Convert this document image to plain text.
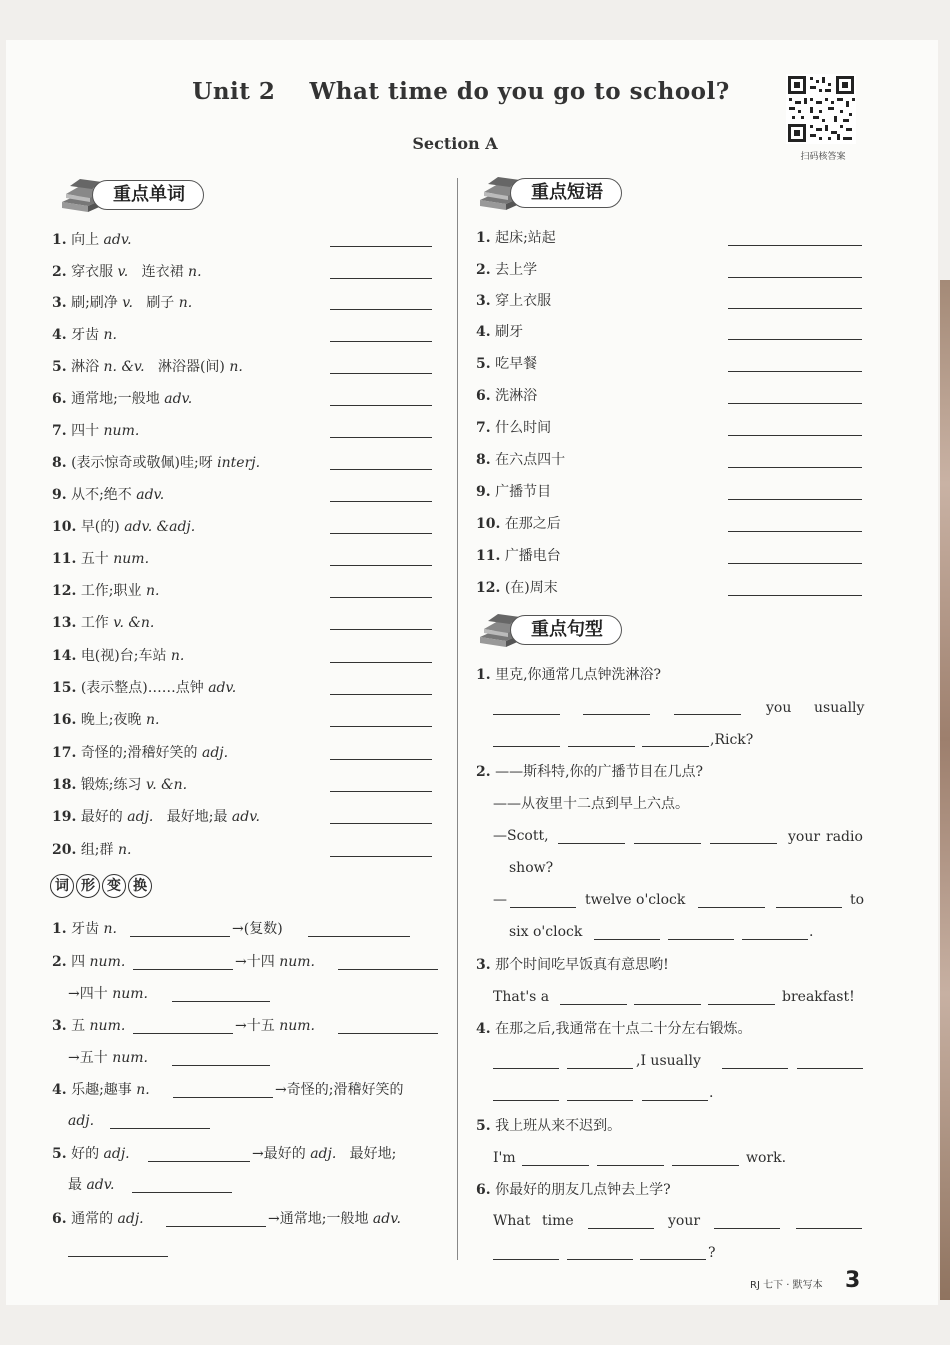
Unit 2    What time do you go to school?
Section A
扫码核答案
重点单词
1. 向上 adv.
2. 穿衣服 v. 连衣裙 n.
3. 刷;刷净 v. 刷子 n.
4. 牙齿 n.
5. 淋浴 n. &v. 淋浴器(间) n.
6. 通常地;一般地 adv.
7. 四十 num.
8. (表示惊奇或敬佩)哇;呀 interj.
9. 从不;绝不 adv.
10. 早(的) adv. &adj.
11. 五十 num.
12. 工作;职业 n.
13. 工作 v. &n.
14. 电(视)台;车站 n.
15. (表示整点)……点钟 adv.
16. 晚上;夜晚 n.
17. 奇怪的;滑稽好笑的 adj.
18. 锻炼;练习 v. &n.
19. 最好的 adj. 最好地;最 adv.
20. 组;群 n.
词 形 变 换
1. 牙齿 n.	→(复数)
2. 四 num.	→十四 num.
→四十 num.
3. 五 num.	→十五 num.
→五十 num.
4. 乐趣;趣事 n.	→奇怪的;滑稽好笑的
adj.
5. 好的 adj.	→最好的 adj. 最好地;
最 adv.
6. 通常的 adj.	→通常地;一般地 adv.
重点短语
1. 起床;站起
2. 去上学
3. 穿上衣服
4. 刷牙
5. 吃早餐
6. 洗淋浴
7. 什么时间
8. 在六点四十
9. 广播节目
10. 在那之后
11. 广播电台
12. (在)周末
重点句型
1. 里克,你通常几点钟洗淋浴?
you usually
,Rick?
2. ——斯科特,你的广播节目在几点?
——从夜里十二点到早上六点。
—Scott,	your radio
show?
—	twelve o'clock	to
six o'clock	.
3. 那个时间吃早饭真有意思哟!
That's a	breakfast!
4. 在那之后,我通常在十点二十分左右锻炼。
,I usually
.
5. 我上班从来不迟到。
I'm	work.
6. 你最好的朋友几点钟去上学?
What time	your
?
RJ 七下 · 默写本 3
